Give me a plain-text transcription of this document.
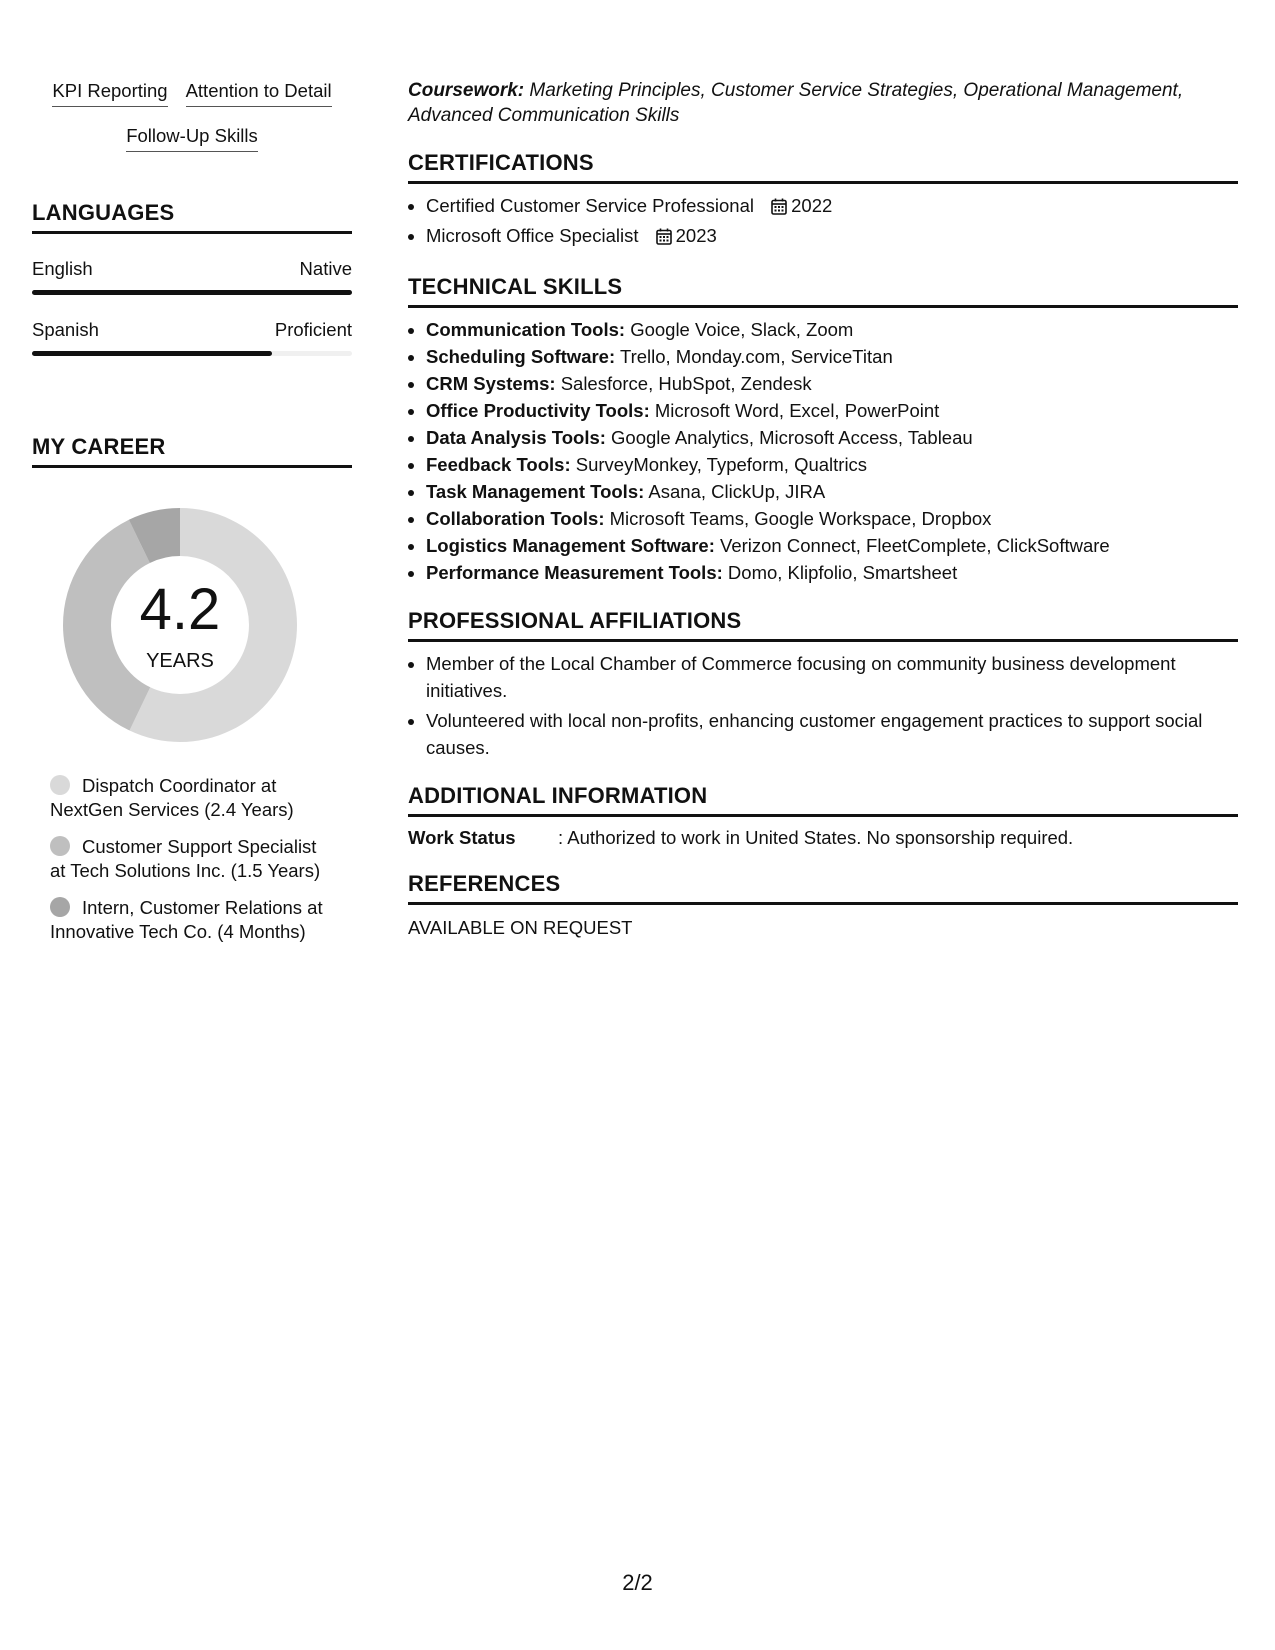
KPI Reporting Attention to Detail
Follow-Up Skills
LANGUAGES
English	Native
Spanish	Proficient
MY CAREER
4.2
YEARS
Dispatch Coordinator at NextGen Services (2.4 Years)
Customer Support Specialist at Tech Solutions Inc. (1.5 Years)
Intern, Customer Relations at Innovative Tech Co. (4 Months)

Coursework: Marketing Principles, Customer Service Strategies, Operational Management, Advanced Communication Skills

CERTIFICATIONS
• Certified Customer Service Professional 2022
• Microsoft Office Specialist 2023
TECHNICAL SKILLS
• Communication Tools: Google Voice, Slack, Zoom
• Scheduling Software: Trello, Monday.com, ServiceTitan
• CRM Systems: Salesforce, HubSpot, Zendesk
• Office Productivity Tools: Microsoft Word, Excel, PowerPoint
• Data Analysis Tools: Google Analytics, Microsoft Access, Tableau
• Feedback Tools: SurveyMonkey, Typeform, Qualtrics
• Task Management Tools: Asana, ClickUp, JIRA
• Collaboration Tools: Microsoft Teams, Google Workspace, Dropbox
• Logistics Management Software: Verizon Connect, FleetComplete, ClickSoftware
• Performance Measurement Tools: Domo, Klipfolio, Smartsheet
PROFESSIONAL AFFILIATIONS
• Member of the Local Chamber of Commerce focusing on community business development initiatives.
• Volunteered with local non-profits, enhancing customer engagement practices to support social causes.
ADDITIONAL INFORMATION
Work Status	: Authorized to work in United States. No sponsorship required.
REFERENCES
AVAILABLE ON REQUEST
2/2
